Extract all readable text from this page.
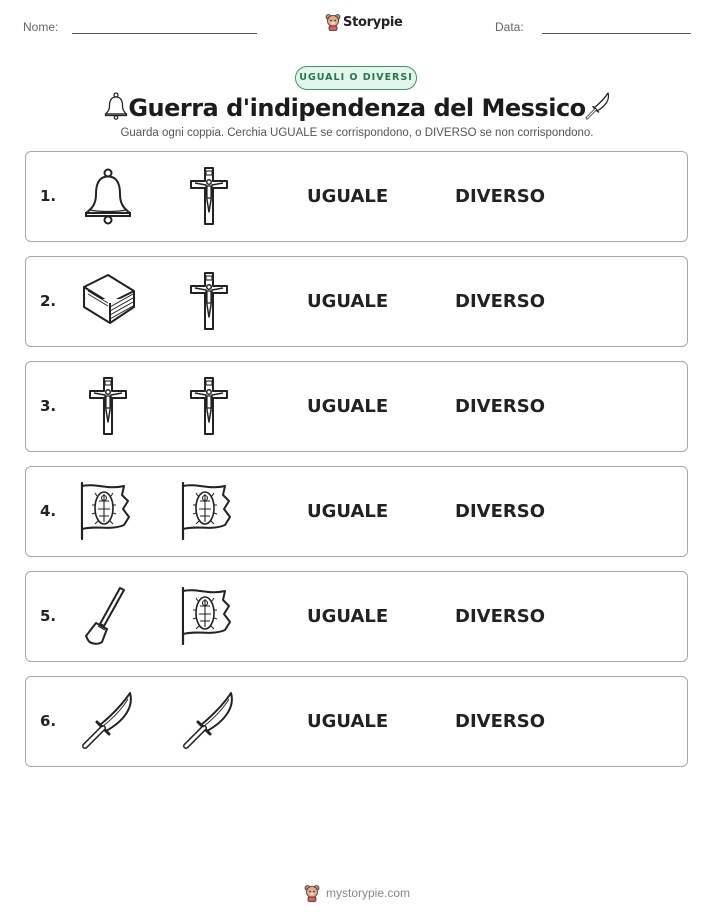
Nome:	Storypie	Data:
UGUALI O DIVERSI
Guerra d'indipendenza del Messico
Guarda ogni coppia. Cerchia UGUALE se corrispondono, o DIVERSO se non corrispondono.
1.	UGUALE	DIVERSO
2.	UGUALE	DIVERSO
3.	UGUALE	DIVERSO
4.	UGUALE	DIVERSO
5.	UGUALE	DIVERSO
6.	UGUALE	DIVERSO
mystorypie.com
